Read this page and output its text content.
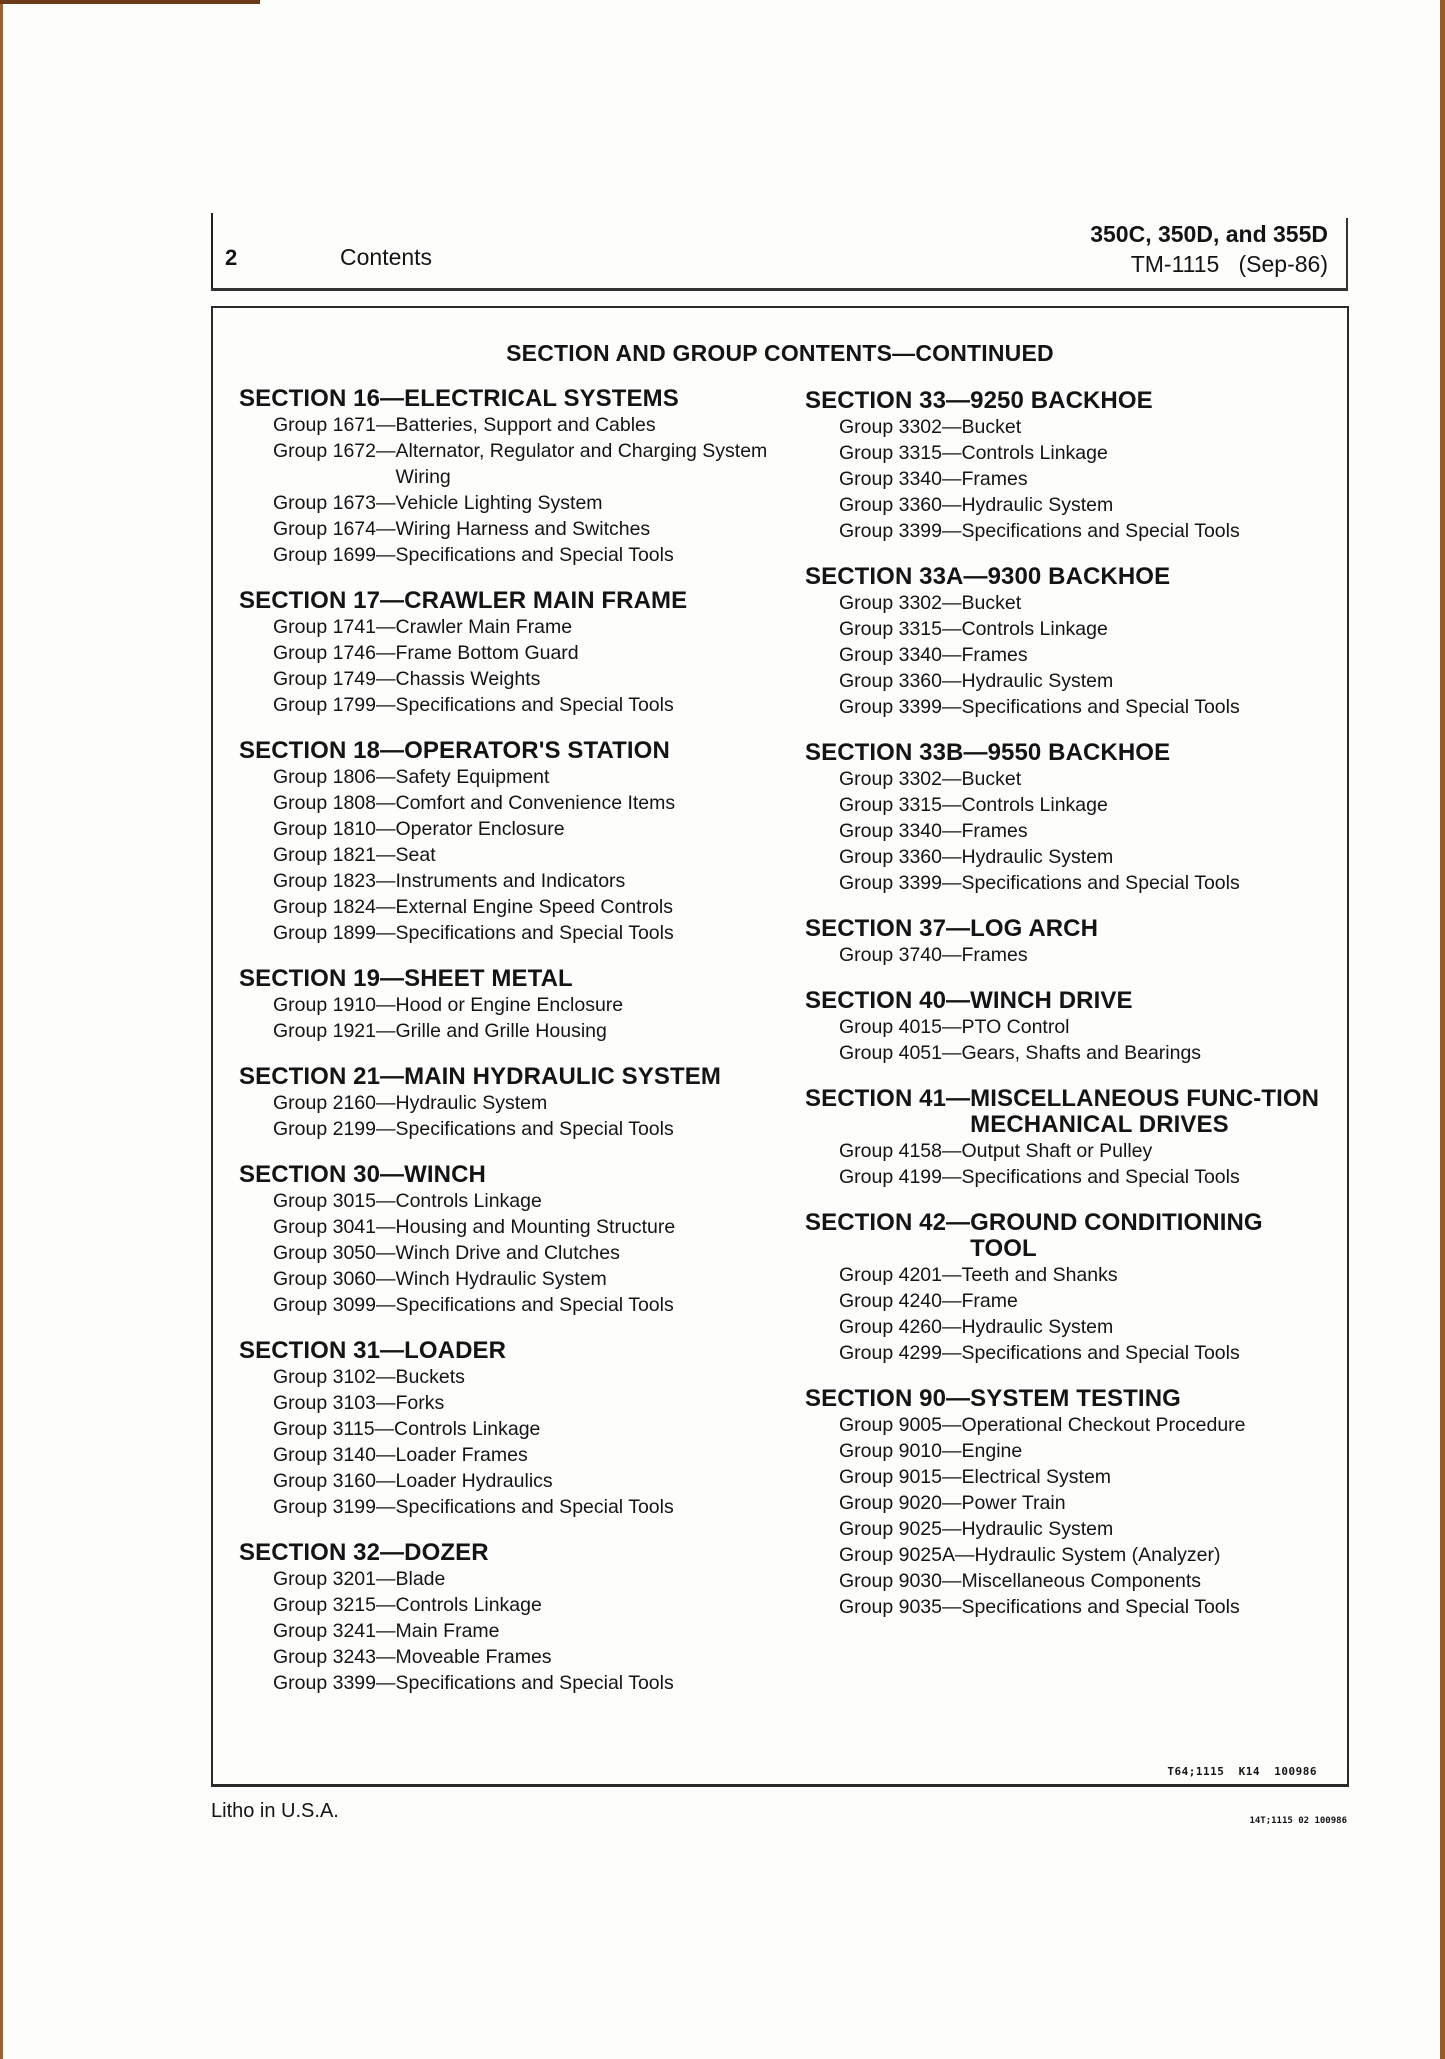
2	Contents
350C, 350D, and 355D
TM-1115   (Sep-86)
SECTION AND GROUP CONTENTS—CONTINUED
SECTION 16— ELECTRICAL SYSTEMS
Group 1671— Batteries, Support and Cables
Group 1672— Alternator, Regulator and Charging System Wiring
Group 1673— Vehicle Lighting System
Group 1674— Wiring Harness and Switches
Group 1699— Specifications and Special Tools
SECTION 17— CRAWLER MAIN FRAME
Group 1741— Crawler Main Frame
Group 1746— Frame Bottom Guard
Group 1749— Chassis Weights
Group 1799— Specifications and Special Tools
SECTION 18— OPERATOR'S STATION
Group 1806— Safety Equipment
Group 1808— Comfort and Convenience Items
Group 1810— Operator Enclosure
Group 1821— Seat
Group 1823— Instruments and Indicators
Group 1824— External Engine Speed Controls
Group 1899— Specifications and Special Tools
SECTION 19— SHEET METAL
Group 1910— Hood or Engine Enclosure
Group 1921— Grille and Grille Housing
SECTION 21— MAIN HYDRAULIC SYSTEM
Group 2160— Hydraulic System
Group 2199— Specifications and Special Tools
SECTION 30— WINCH
Group 3015— Controls Linkage
Group 3041— Housing and Mounting Structure
Group 3050— Winch Drive and Clutches
Group 3060— Winch Hydraulic System
Group 3099— Specifications and Special Tools
SECTION 31— LOADER
Group 3102— Buckets
Group 3103— Forks
Group 3115— Controls Linkage
Group 3140— Loader Frames
Group 3160— Loader Hydraulics
Group 3199— Specifications and Special Tools
SECTION 32— DOZER
Group 3201— Blade
Group 3215— Controls Linkage
Group 3241— Main Frame
Group 3243— Moveable Frames
Group 3399— Specifications and Special Tools
SECTION 33— 9250 BACKHOE
Group 3302— Bucket
Group 3315— Controls Linkage
Group 3340— Frames
Group 3360— Hydraulic System
Group 3399— Specifications and Special Tools
SECTION 33A— 9300 BACKHOE
Group 3302— Bucket
Group 3315— Controls Linkage
Group 3340— Frames
Group 3360— Hydraulic System
Group 3399— Specifications and Special Tools
SECTION 33B— 9550 BACKHOE
Group 3302— Bucket
Group 3315— Controls Linkage
Group 3340— Frames
Group 3360— Hydraulic System
Group 3399— Specifications and Special Tools
SECTION 37— LOG ARCH
Group 3740— Frames
SECTION 40— WINCH DRIVE
Group 4015— PTO Control
Group 4051— Gears, Shafts and Bearings
SECTION 41— MISCELLANEOUS FUNC-TION MECHANICAL DRIVES
Group 4158— Output Shaft or Pulley
Group 4199— Specifications and Special Tools
SECTION 42— GROUND CONDITIONING TOOL
Group 4201— Teeth and Shanks
Group 4240— Frame
Group 4260— Hydraulic System
Group 4299— Specifications and Special Tools
SECTION 90— SYSTEM TESTING
Group 9005— Operational Checkout Procedure
Group 9010— Engine
Group 9015— Electrical System
Group 9020— Power Train
Group 9025— Hydraulic System
Group 9025A— Hydraulic System (Analyzer)
Group 9030— Miscellaneous Components
Group 9035— Specifications and Special Tools
T64;1115  K14  100986
Litho in U.S.A.	14T;1115 02 100986
